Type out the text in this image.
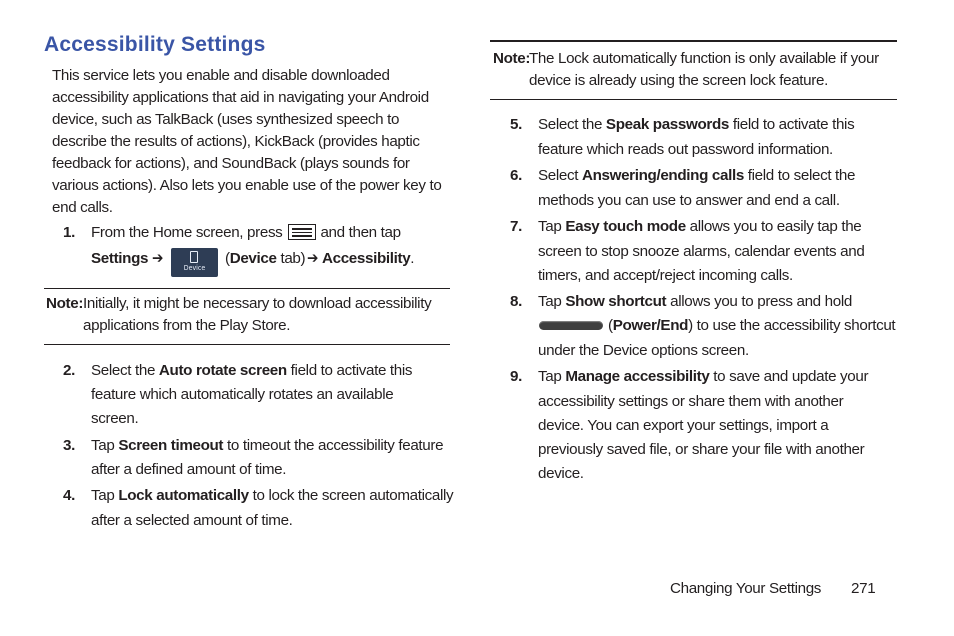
Accessibility Settings
This service lets you enable and disable downloaded
accessibility applications that aid in navigating your Android
device, such as TalkBack (uses synthesized speech to
describe the results of actions), KickBack (provides haptic
feedback for actions), and SoundBack (plays sounds for
various actions). Also lets you enable use of the power key to
end calls.
1. From the Home screen, press	and then tap
Settings ➔
Device
(Device tab) ➔ Accessibility.
Note: Initially, it might be necessary to download accessibility
applications from the Play Store.
2. Select the Auto rotate screen field to activate this
feature which automatically rotates an available
screen.
3. Tap Screen timeout to timeout the accessibility feature
after a defined amount of time.
4. Tap Lock automatically to lock the screen automatically
after a selected amount of time.
Note:
The Lock automatically function is only available if your
device is already using the screen lock feature.
5. Select the Speak passwords field to activate this
feature which reads out password information.
6. Select Answering/ending calls field to select the
methods you can use to answer and end a call.
7. Tap Easy touch mode allows you to easily tap the
screen to stop snooze alarms, calendar events and
timers, and accept/reject incoming calls.
8. Tap Show shortcut allows you to press and hold
(Power/End) to use the accessibility shortcut
under the Device options screen.
9. Tap Manage accessibility to save and update your
accessibility settings or share them with another
device. You can export your settings, import a
previously saved file, or share your file with another
device.
Changing Your Settings 271
